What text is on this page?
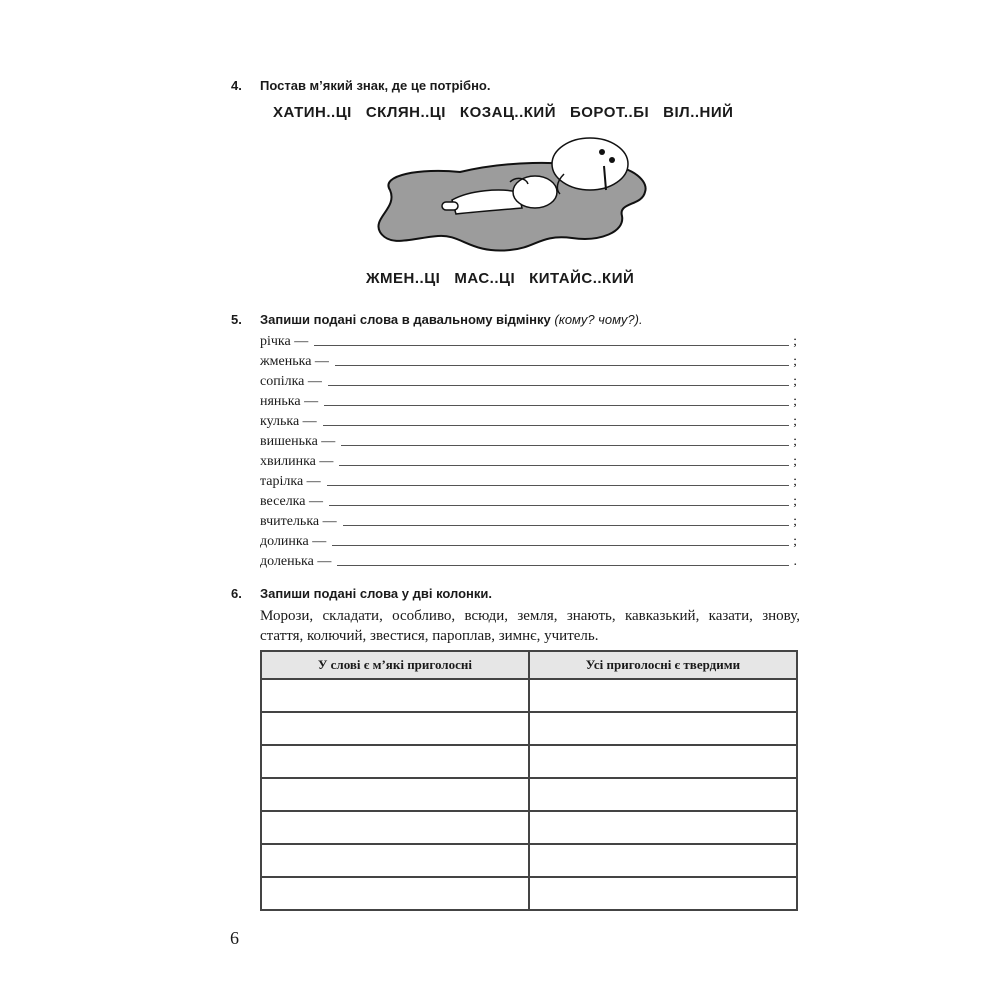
4. Постав м’який знак, де це потрібно.
ХАТИН..ЦІ СКЛЯН..ЦІ КОЗАЦ..КИЙ БОРОТ..БІ ВІЛ..НИЙ
ЖМЕН..ЦІ МАС..ЦІ КИТАЙС..КИЙ
5. Запиши подані слова в давальному відмінку (кому? чому?).
річка —	;
жменька —	;
сопілка —	;
нянька —	;
кулька —	;
вишенька —	;
хвилинка —	;
тарілка —	;
веселка —	;
вчителька —	;
долинка —	;
доленька —	.
6. Запиши подані слова у дві колонки.
Морози, складати, особливо, всюди, земля, знають, кавказький, казати, знову, стаття, колючий, звестися, пароплав, зимнє, учитель.
У слові є м’які приголосні	Усі приголосні є твердими

6
